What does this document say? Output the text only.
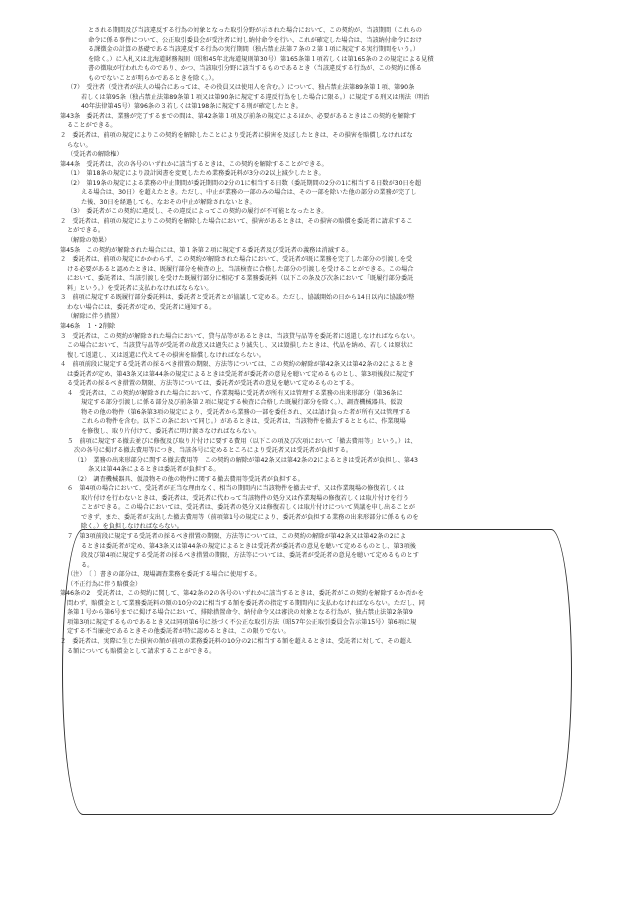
とされる期間及び当該違反する行為の対象となった取引分野が示された場合において、この契約が、当該期間（これらの
命令に係る事件について、公正取引委員会が受注者に対し納付命令を行い、これが確定した場合は、当該納付命令におけ
る課徴金の計算の基礎である当該違反する行為の実行期間（独占禁止法第７条の２第１項に規定する実行期間をいう。）
を除く。）に入札又は北海道財務規則（昭和45年北海道規則第30号）第165条第１項若しくは第165条の２の規定による見積
書の徴取が行われたものであり、かつ、当該取引分野に該当するものであるとき（当該違反する行為が、この契約に係る
ものでないことが明らかであるときを除く。）。
（7）　受注者（受注者が法人の場合にあっては、その役員又は使用人を含む。）について、独占禁止法第89条第１項、第90条
若しくは第95条（独占禁止法第89条第１項又は第90条に規定する違反行為をした場合に限る。）に規定する刑又は刑法（明治
40年法律第45号）第96条の３若しくは第198条に規定する刑が確定したとき。
第43条　委託者は、業務が完了するまでの間は、第42条第１項及び前条の規定によるほか、必要があるときはこの契約を解除す
ることができる。
２　委託者は、前項の規定によりこの契約を解除したことにより受託者に損害を及ぼしたときは、その損害を賠償しなければな
らない。
（受託者の解除権）
第44条　受託者は、次の各号のいずれかに該当するときは、この契約を解除することができる。
（1）　第18条の規定により設計図書を変更したため業務委託料が3分の2以上減少したとき。
（2）　第19条の規定による業務の中止期間が委託期間の2分の1に相当する日数（委託期間の2分の1に相当する日数が30日を超
える場合は、30日）を超えたとき。ただし、中止が業務の一部のみの場合は、その一部を除いた他の部分の業務が完了し
た後、30日を経過しても、なおその中止が解除されないとき。
（3）　委託者がこの契約に違反し、その違反によってこの契約の履行が不可能となったとき。
２　受託者は、前項の規定によりこの契約を解除した場合において、損害があるときは、その損害の賠償を委託者に請求するこ
とができる。
（解除の効果）
第45条　この契約が解除された場合には、第１条第２項に規定する委託者及び受託者の義務は消滅する。
２　委託者は、前項の規定にかかわらず、この契約が解除された場合において、受託者が既に業務を完了した部分の引渡しを受
ける必要があると認めたときは、既履行部分を検査の上、当該検査に合格した部分の引渡しを受けることができる。この場合
において、委託者は、当該引渡しを受けた既履行部分に相応する業務委託料（以下この条及び次条において「既履行部分委託
料」という。）を受託者に支払わなければならない。
３　前項に規定する既履行部分委託料は、委託者と受託者とが協議して定める。ただし、協議開始の日から14日以内に協議が整
わない場合には、委託者が定め、受託者に通知する。
（解除に伴う措置）
第46条　１・2削除
３　受託者は、この契約が解除された場合において、貸与品等があるときは、当該貸与品等を委託者に返還しなければならない。
この場合において、当該貸与品等が受託者の故意又は過失により滅失し、又は毀損したときは、代品を納め、若しくは原状に
復して返還し、又は返還に代えてその損害を賠償しなければならない。
４　前項前段に規定する受託者の採るべき措置の期限、方法等については、この契約の解除が第42条又は第42条の2によるとき
は委託者が定め、第43条又は第44条の規定によるときは受託者が委託者の意見を聴いて定めるものとし、第3項後段に規定す
る受託者の採るべき措置の期限、方法等については、委託者が受託者の意見を聴いて定めるものとする。
４　受託者は、この契約が解除された場合において、作業現場に受託者が所有又は管理する業務の出来形部分（第36条に
規定する部分引渡しに係る部分及び前条第２項に規定する検査に合格した既履行部分を除く。）、調査機械器具、仮設
物その他の物件（第6条第3項の規定により、受託者から業務の一部を委任され、又は請け負った者が所有又は管理する
これらの物件を含む。以下この条において同じ。）があるときは、受託者は、当該物件を撤去するとともに、作業現場
を修復し、取り片付けて、委託者に明け渡さなければならない。
５　前項に規定する撤去並びに修復及び取り片付けに要する費用（以下この項及び次項において「撤去費用等」という。）は、
次の各号に掲げる撤去費用等につき、当該各号に定めるところにより受託者又は受託者が負担する。
（1）　業務の出来形部分に関する撤去費用等　この契約の解除が第42条又は第42条の2によるときは受託者が負担し、第43
条又は第44条によるときは委託者が負担する。
（2）　調査機械器具、仮設物その他の物件に関する撤去費用等受託者が負担する。
６　第4項の場合において、受託者が正当な理由なく、相当の期間内に当該物件を撤去せず、又は作業現場の修復若しくは
取片付けを行わないときは、委託者は、受託者に代わって当該物件の処分又は作業現場の修復若しくは取片付けを行う
ことができる。この場合においては、受託者は、委託者の処分又は修復若しくは取片付けについて異議を申し出ることが
できず、また、委託者が支出した撤去費用等（前項第1号の規定により、委託者が負担する業務の出来形部分に係るものを
除く。）を負担しなければならない。
７　第3項前段に規定する受託者の採るべき措置の期限、方法等については、この契約の解除が第42条又は第42条の2によ
るときは委託者が定め、第43条又は第44条の規定によるときは受託者が委託者の意見を聴いて定めるものとし、第3項後
段及び第4項に規定する受託者の採るべき措置の期限、方法等については、委託者が受託者の意見を聴いて定めるものとす
る。
（注）　〔 〕書きの部分は、現場調査業務を委託する場合に使用する。
（不正行為に伴う賠償金）
第46条の2　受託者は、この契約に関して、第42条の2の各号のいずれかに該当するときは、委託者がこの契約を解除するか否かを
問わず、賠償金として業務委託料の額の10分の2に相当する額を委託者の指定する期間内に支払わなければならない。ただし、同
条第１号から第6号までに掲げる場合において、排除措置命令、納付命令又は審決の対象となる行為が、独占禁止法第2条第9
項第3項に規定するものであるとき又は同項第6号に基づく不公正な取引方法（昭57年公正取引委員会告示第15号）第6項に規
定する不当廉売であるときその他委託者が特に認めるときは、この限りでない。
２　委託者は、実際に生じた損害の額が前項の業務委託料の10分の2に相当する額を超えるときは、受託者に対して、その超え
る額についても賠償金として請求することができる。
